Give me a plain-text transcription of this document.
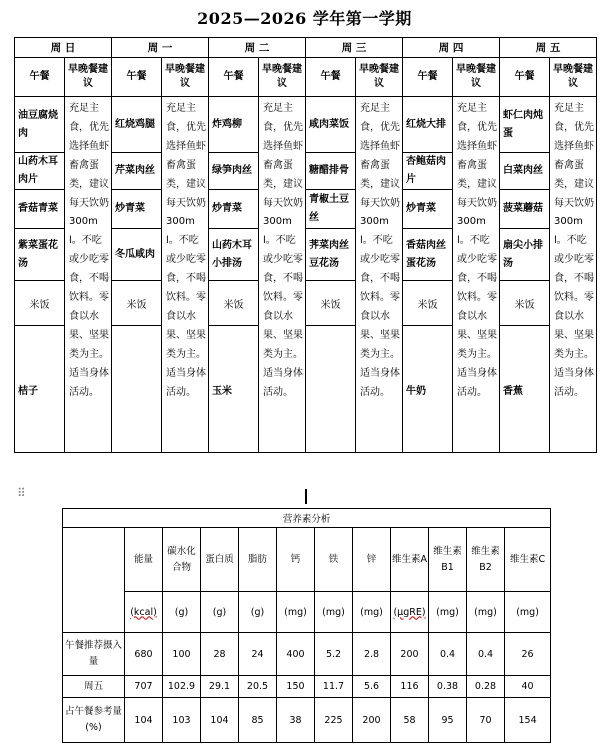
2025—2026 学年第一学期
周 日		周 一		周 二		周 三		周 四		周 五	
午餐	早晚餐建议	午餐	早晚餐建议	午餐	早晚餐建议	午餐	早晚餐建议	午餐	早晚餐建议	午餐	早晚餐建议
油豆腐烧肉	充足主食，优先选择鱼虾畜禽蛋类，建议每天饮奶300ml。不吃或少吃零食，不喝饮料。零食以水果、坚果类为主。适当身体活动。	红烧鸡腿	充足主食，优先选择鱼虾畜禽蛋类，建议每天饮奶300ml。不吃或少吃零食，不喝饮料。零食以水果、坚果类为主。适当身体活动。	炸鸡柳	充足主食，优先选择鱼虾畜禽蛋类，建议每天饮奶300ml。不吃或少吃零食，不喝饮料。零食以水果、坚果类为主。适当身体活动。	咸肉菜饭	充足主食，优先选择鱼虾畜禽蛋类，建议每天饮奶300ml。不吃或少吃零食，不喝饮料。零食以水果、坚果类为主。适当身体活动。	红烧大排	充足主食，优先选择鱼虾畜禽蛋类，建议每天饮奶300ml。不吃或少吃零食，不喝饮料。零食以水果、坚果类为主。适当身体活动。	虾仁肉炖蛋	充足主食，优先选择鱼虾畜禽蛋类，建议每天饮奶300ml。不吃或少吃零食，不喝饮料。零食以水果、坚果类为主。适当身体活动。
山药木耳肉片		芹菜肉丝		绿笋肉丝		糖醋排骨		杏鲍菇肉片		白菜肉丝	
香菇青菜		炒青菜		炒青菜		青椒土豆丝		炒青菜		菠菜蘑菇	
紫菜蛋花汤		冬瓜咸肉		山药木耳小排汤		荠菜肉丝豆花汤		香菇肉丝蛋花汤		扇尖小排汤	
米饭		米饭		米饭		米饭		米饭		米饭	
桔子				玉米				牛奶		香蕉	
⠿
营养素分析											
	能量	碳水化合物	蛋白质	脂肪	钙	铁	锌	维生素A	维生素B1	维生素B2	维生素C
	(kcal)	(g)	(g)	(g)	(mg)	(mg)	(mg)	(μgRE)	(mg)	(mg)	(mg)
午餐推荐摄入量	680	100	28	24	400	5.2	2.8	200	0.4	0.4	26
周五	707	102.9	29.1	20.5	150	11.7	5.6	116	0.38	0.28	40
占午餐参考量(%)	104	103	104	85	38	225	200	58	95	70	154
